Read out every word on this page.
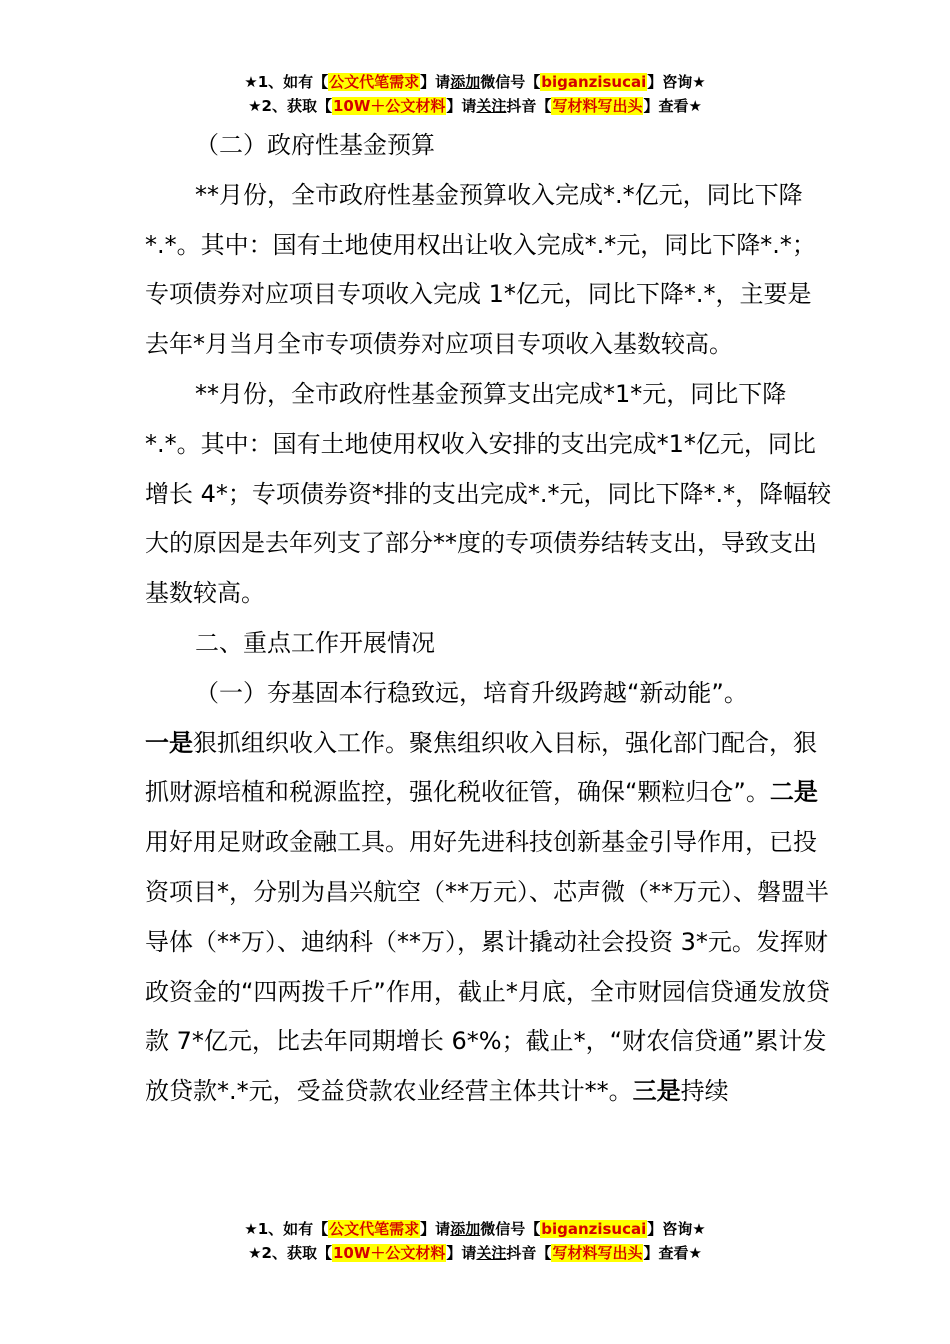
★1、如有【公文代笔需求】请添加微信号【biganzisucai】咨询★
★2、获取【10W＋公文材料】请关注抖音【写材料写出头】查看★

（二）政府性基金预算

**月份，全市政府性基金预算收入完成*.*亿元，同比下降*.*。其中：国有土地使用权出让收入完成*.*元，同比下降*.*；专项债券对应项目专项收入完成 1*亿元，同比下降*.*，主要是去年*月当月全市专项债券对应项目专项收入基数较高。

**月份，全市政府性基金预算支出完成*1*元，同比下降*.*。其中：国有土地使用权收入安排的支出完成*1*亿元，同比增长 4*；专项债券资*排的支出完成*.*元，同比下降*.*，降幅较大的原因是去年列支了部分**度的专项债券结转支出，导致支出基数较高。

二、重点工作开展情况

（一）夯基固本行稳致远，培育升级跨越“新动能”。

一是狠抓组织收入工作。聚焦组织收入目标，强化部门配合，狠抓财源培植和税源监控，强化税收征管，确保“颗粒归仓”。二是用好用足财政金融工具。用好先进科技创新基金引导作用，已投资项目*，分别为昌兴航空（**万元）、芯声微（**万元）、磐盟半导体（**万）、迪纳科（**万），累计撬动社会投资 3*元。发挥财政资金的“四两拨千斤”作用，截止*月底，全市财园信贷通发放贷款 7*亿元，比去年同期增长 6*%；截止*，“财农信贷通”累计发放贷款*.*元，受益贷款农业经营主体共计**。三是持续

★1、如有【公文代笔需求】请添加微信号【biganzisucai】咨询★
★2、获取【10W＋公文材料】请关注抖音【写材料写出头】查看★
